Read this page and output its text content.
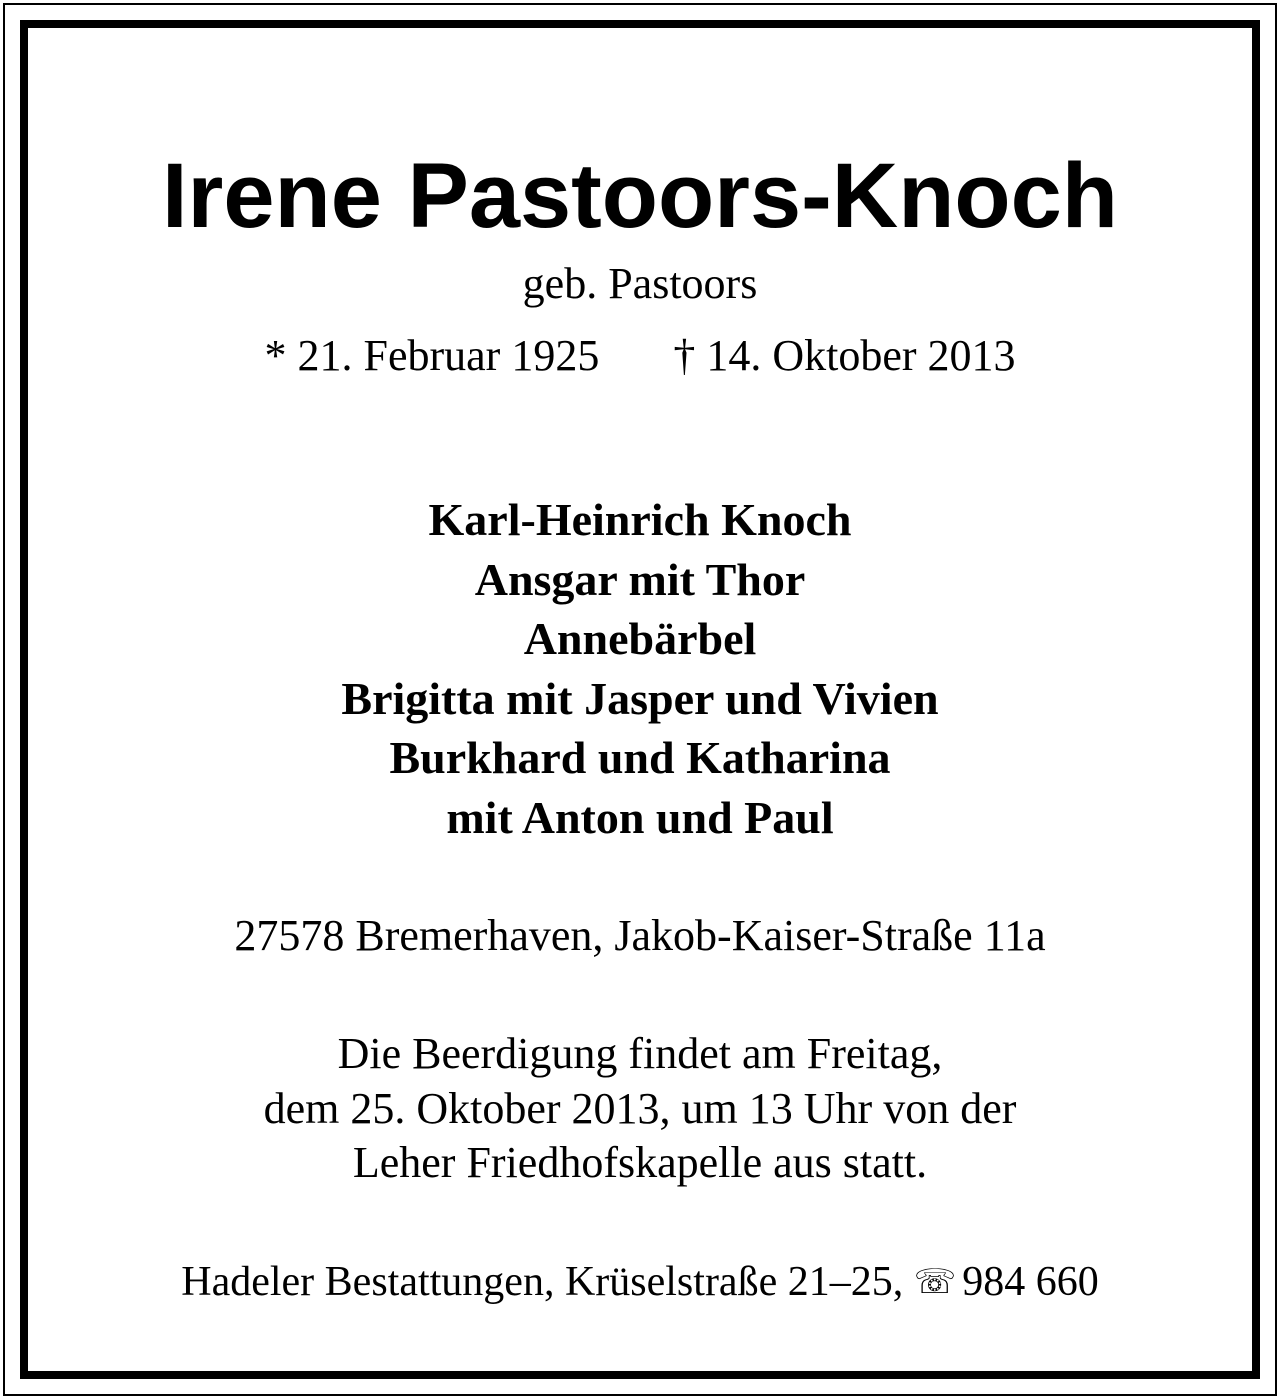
Irene Pastoors-Knoch
geb. Pastoors
* 21. Februar 1925 † 14. Oktober 2013
Karl-Heinrich Knoch
Ansgar mit Thor
Annebärbel
Brigitta mit Jasper und Vivien
Burkhard und Katharina
mit Anton und Paul
27578 Bremerhaven, Jakob-Kaiser-Straße 11a
Die Beerdigung findet am Freitag,
dem 25. Oktober 2013, um 13 Uhr von der
Leher Friedhofskapelle aus statt.
Hadeler Bestattungen, Krüselstraße 21–25, ☏ 984 660
